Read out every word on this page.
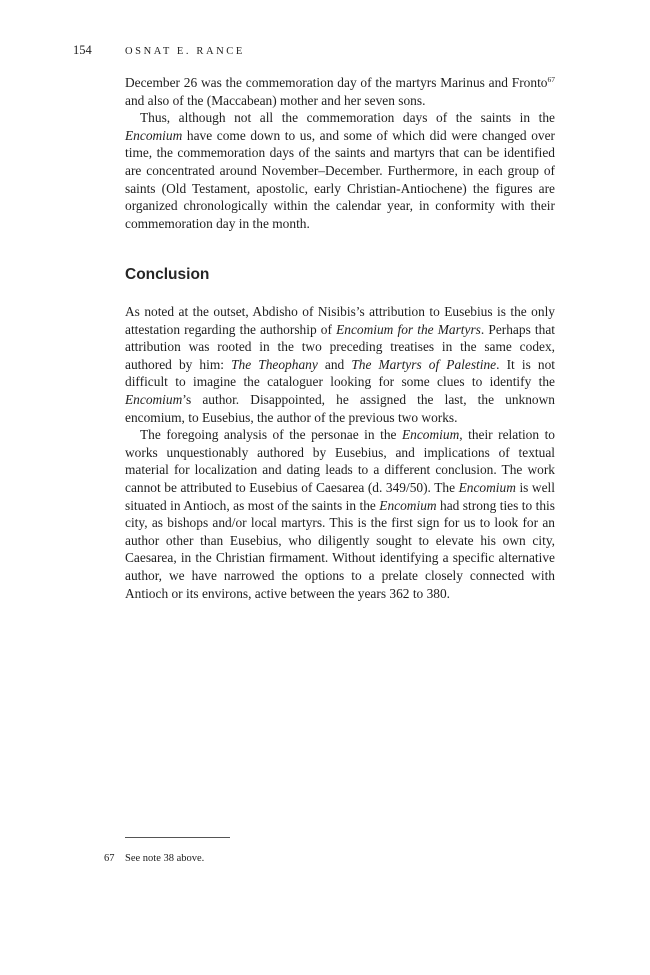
154	OSNAT E. RANCE

December 26 was the commemoration day of the martyrs Marinus and Fronto$^{67}$ and also of the (Maccabean) mother and her seven sons.

Thus, although not all the commemoration days of the saints in the Encomium have come down to us, and some of which did were changed over time, the commemoration days of the saints and martyrs that can be identified are concentrated around November–December. Furthermore, in each group of saints (Old Testament, apostolic, early Christian-Antiochene) the figures are organized chronologically within the calendar year, in conformity with their commemoration day in the month.

Conclusion

As noted at the outset, Abdisho of Nisibis’s attribution to Eusebius is the only attestation regarding the authorship of Encomium for the Martyrs. Perhaps that attribution was rooted in the two preceding treatises in the same codex, authored by him: The Theophany and The Martyrs of Palestine. It is not difficult to imagine the cataloguer looking for some clues to identify the Encomium’s author. Disappointed, he assigned the last, the unknown encomium, to Eusebius, the author of the previous two works.

The foregoing analysis of the personae in the Encomium, their relation to works unquestionably authored by Eusebius, and implications of textual material for localization and dating leads to a different conclusion. The work cannot be attributed to Eusebius of Caesarea (d. 349/50). The Encomium is well situated in Antioch, as most of the saints in the Encomium had strong ties to this city, as bishops and/or local martyrs. This is the first sign for us to look for an author other than Eusebius, who diligently sought to elevate his own city, Caesarea, in the Christian firmament. Without identifying a specific alternative author, we have narrowed the options to a prelate closely connected with Antioch or its environs, active between the years 362 to 380.

67 See note 38 above.
